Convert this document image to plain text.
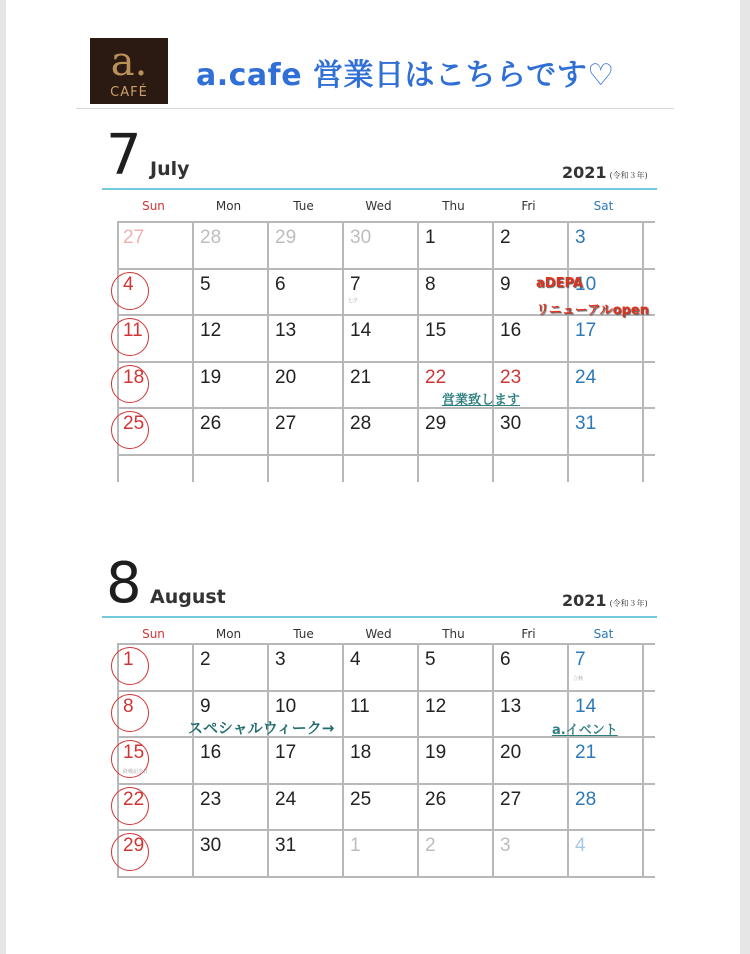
a.
CAFÉ	a.cafe 営業日はこちらです♡
7 July	2021 (令和３年)
Sun	Mon	Tue	Wed	Thu	Fri	Sat
27	28	29	30	1	2	3
4	5	6	7	8	9	10
11	12	13	14	15	16	17
18	19	20	21	22	23	24
25	26	27	28	29	30	31
8 August	2021 (令和３年)
Sun	Mon	Tue	Wed	Thu	Fri	Sat
1	2	3	4	5	6	7
8	9	10	11	12	13	14
15	16	17	18	19	20	21
22	23	24	25	26	27	28
29	30	31	1	2	3	4
七夕
aDEPA
リニューアルopen
営業致します
立秋
終戦記念日
スペシャルウィーク→	a.イベント
